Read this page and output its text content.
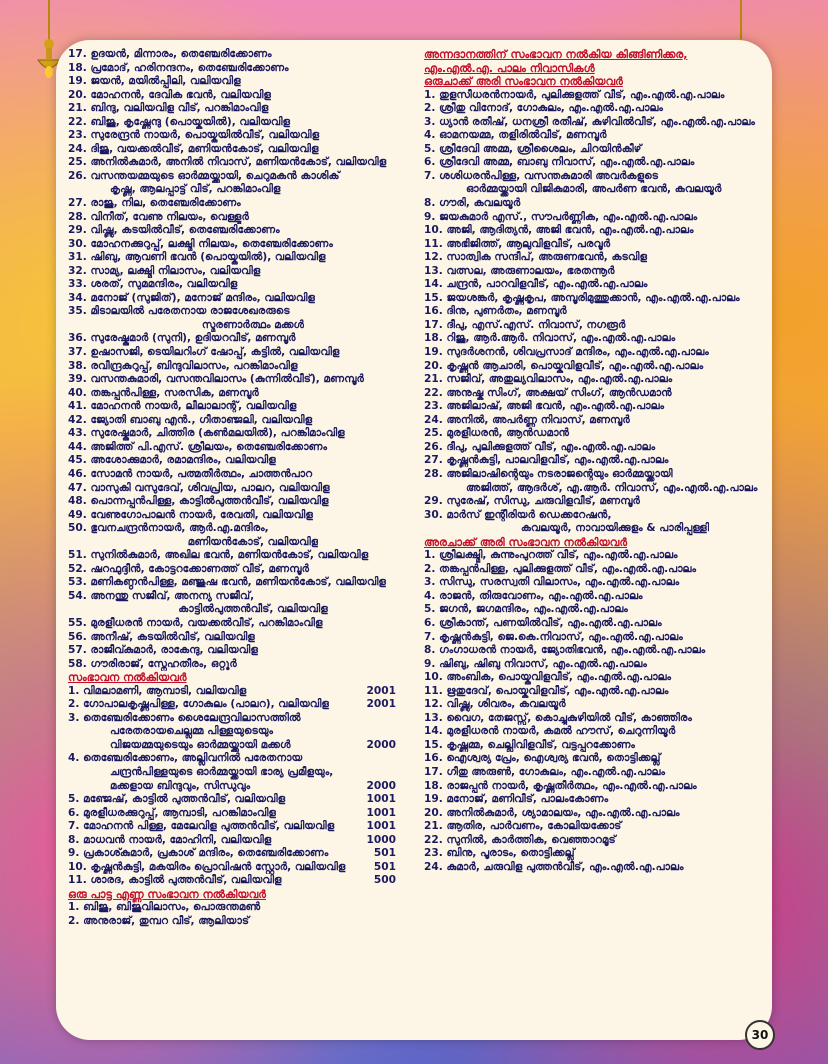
17. ഉദയൻ, മിന്നാരം, തെഞ്ചേരിക്കോണം
18. പ്രമോദ്, ഹരിനന്ദനം, തെഞ്ചേരിക്കോണം
19. ജയൻ, മയിൽപ്പീലി, വലിയവിള
20. മോഹനൻ, ദേവിക ഭവൻ, വലിയവിള
21. ബിന്ദു, വലിയവിള വീട്, പറങ്കിമാംവിള
22. ബിജു, കൃഷ്ണേന്ദു (പൊയ്കയിൽ), വലിയവിള
23. സുരേന്ദ്രൻ നായർ, പൊയ്കയിൽവീട്, വലിയവിള
24. ദിജു, വയക്കൽവീട്, മണിയൻകോട്, വലിയവിള
25. അനിൽകുമാർ, അനിൽ നിവാസ്, മണിയൻകോട്, വലിയവിള
26. വസന്തയമ്മയുടെ ഓർമ്മയ്ക്കായി, ചെറുമകൻ കാശിക്
കൃഷ്ണ, ആലപ്പാട്ട് വീട്, പറങ്കിമാംവിള
27. രാജു, നില, തെഞ്ചേരിക്കോണം
28. വിനീത്, വേണു നിലയം, വെള്ളൂർ
29. വിഷ്ണു, കടയിൽവീട്, തെഞ്ചേരിക്കോണം
30. മോഹനക്കുറുപ്പ്, ലക്ഷ്മി നിലയം, തെഞ്ചേരിക്കോണം
31. ഷിബു, ആവണി ഭവൻ (പൊയ്കയിൽ), വലിയവിള
32. സാമ്യ, ലക്ഷ്മി നിലാസം, വലിയവിള
33. ശരത്, സുമമന്ദിരം, വലിയവിള
34. മനോജ് (സുജിത്), മനോജ് മന്ദിരം, വലിയവിള
35. മിടാലയിൽ പരേതനായ രാജശേഖരരുടെ
സ്മരണാർത്ഥം മക്കൾ
36. സുരേഷ്കുമാർ (സുനി), ഉദിയറവീട്, മണമ്പൂർ
37. ഉഷാസജി, ടെയിലറിംഗ് ഷോപ്പ്, കട്ടിൽ, വലിയവിള
38. രവീന്ദ്രകുറുപ്പ്, ബിന്ദുവിലാസം, പറങ്കിമാംവിള
39. വസന്തകുമാരി, വസന്തവിലാസം (കുന്നിൽവീട്), മണമ്പൂർ
40. തങ്കപ്പൻപിള്ള, സരസിക, മണമ്പൂർ
41. മോഹനൻ നായർ, ലീലാലാന്റ്, വലിയവിള
42. ജ്യോതി ബാബു എൻ., ഗീതാഞ്ജലി, വലിയവിള
43. സുരേഷ്കുമാർ, ചിത്തിര (കൺമലയിൽ), പറങ്കിമാംവിള
44. അജിത്ത് പി.എസ്. ശ്രീലയം, തെഞ്ചേരിക്കോണം
45. അശോക്കുമാർ, രമാമന്ദിരം, വലിയവിള
46. സോമൻ നായർ, പത്മതീർത്ഥം, ചാത്തൻപാറ
47. വാസുകി വസുദേവ്, ശിവപ്രിയ, പാലറ, വലിയവിള
48. പൊന്നപ്പൻപിള്ള, കാട്ടിൽപുത്തൻവീട്, വലിയവിള
49. വേണുഗോപാലൻ നായർ, രേവതി, വലിയവിള
50. ഭുവനചന്ദ്രൻനായർ, ആർ.എ.മന്ദിരം,
മണിയൻകോട്, വലിയവിള
51. സുനിൽകുമാർ, അഖില ഭവൻ, മണിയൻകോട്, വലിയവിള
52. ഷറഫുദ്ദീൻ, കോട്ടറക്കോണത്ത് വീട്, മണമ്പൂർ
53. മണികണ്ഠൻപിള്ള, മഞ്ജുഷ ഭവൻ, മണിയൻകോട്, വലിയവിള
54. അനന്തു സജീവ്, അനന്യ സജീവ്,
കാട്ടിൽപുത്തൻവീട്, വലിയവിള
55. മുരളീധരൻ നായർ, വയക്കൽവീട്, പറങ്കിമാംവിള
56. അനീഷ്, കടയിൽവീട്, വലിയവിള
57. രാജീവ്കുമാർ, രാകേന്ദു, വലിയവിള
58. ഗൗരിരാജ്, സ്നേഹതീരം, ഒറ്റൂർ
സംഭാവന നൽകിയവർ
1. വിമലാമണി, ആമ്പാടി, വലിയവിള	2001
2. ഗോപാലകൃഷ്ണപിള്ള, ഗോകുലം (പാലറ), വലിയവിള	2001
3. തെഞ്ചേരിക്കോണം ശൈലേന്ദ്രവിലാസത്തിൽ
പരേതരായചെല്ലമ്മ പിള്ളയുടെയും
വിജയമ്മയുടെയും ഓർമ്മയ്ക്കായി മക്കൾ	2000
4. തെഞ്ചേരിക്കോണം, അല്ലിവനിൽ പരേതനായ
ചന്ദ്രൻപിള്ളയുടെ ഓർമ്മയ്ക്കായി ഭാര്യ പ്രമീളയും,
മക്കളായ ബിന്ദുവും, സിന്ധുവും	2000
5. മഞ്ജേഷ്, കാട്ടിൽ പുത്തൻവീട്, വലിയവിള	1001
6. മുരളീധരക്കുറുപ്പ്, ആമ്പാടി, പറങ്കിമാംവിള	1001
7. മോഹനൻ പിള്ള, മേലേവിള പുത്തൻവീട്, വലിയവിള	1001
8. മാധവൻ നായർ, മോഹിനി, വലിയവിള	1000
9. പ്രകാശ്കുമാർ, പ്രകാശ് മന്ദിരം, തെഞ്ചേരിക്കോണം	501
10. കൃഷ്ണൻകുട്ടി, മകയിരം പ്രൊവിഷൻ സ്റ്റോർ, വലിയവിള	501
11. ശാരദ, കാട്ടിൽ പുത്തൻവീട്, വലിയവിള	500
ഒരു പാട്ട എണ്ണ സംഭാവന നൽകിയവർ
1. ബിജു, ബിജുവിലാസം, പൊരുന്തമൺ
2. അനുരാജ്, തുമ്പറ വീട്, ആലിയാട്
അന്നദാനത്തിന് സംഭാവന നൽകിയ കിങ്ങിണിക്കര,
എം.എൽ.എ. പാലം നിവാസികൾ
ഒരുചാക്ക് അരി സംഭാവന നൽകിയവർ
1. തുളസീധരൻനായർ, പുലിക്കുളത്ത് വീട്, എം.എൽ.എ.പാലം
2. ശ്രീതു വിനോദ്, ഗോകുലം, എം.എൽ.എ.പാലം
3. ധ്യാൻ രതീഷ്, ധനശ്രീ രതീഷ്, കുഴിവിൽവീട്, എം.എൽ.എ.പാലം
4. ഓമനയമ്മ, തളിരിൽവീട്, മണമ്പൂർ
5. ശ്രീദേവി അമ്മ, ശ്രീശൈലം, ചിറയിൻകീഴ്
6. ശ്രീദേവി അമ്മ, ബാബു നിവാസ്, എം.എൽ.എ.പാലം
7. ശശിധരൻപിള്ള, വസന്തകുമാരി അവർകളുടെ
ഓർമ്മയ്ക്കായി വിജികുമാരി, അപർണ ഭവൻ, കവലയൂർ
8. ഗൗരി, കവലയൂർ
9. ജയകുമാർ എസ്., സൗപർണ്ണിക, എം.എൽ.എ.പാലം
10. അജി, ആദിത്യൻ, അജി ഭവൻ, എം.എൽ.എ.പാലം
11. അഭിജിത്ത്, ആലുവിളവീട്, പരവൂർ
12. സാത്വിക സന്ദീപ്, അരുണഭവൻ, കടവിള
13. വത്സല, അരുണാലയം, ഭരതന്നൂർ
14. ചന്ദ്രൻ, പാറവിളവീട്, എം.എൽ.എ.പാലം
15. ജയശങ്കർ, കൃഷ്ണകൃപ, അമ്പൂരിമുത്തുക്കാൻ, എം.എൽ.എ.പാലം
16. ദിനു, പുണർതം, മണമ്പൂർ
17. ദീപു, എസ്.എസ്. നിവാസ്, നഗരൂർ
18. റിജു, ആർ.ആർ. നിവാസ്, എം.എൽ.എ.പാലം
19. സുദർശനൻ, ശിവപ്രസാദ് മന്ദിരം, എം.എൽ.എ.പാലം
20. കൃഷ്ണൻ ആചാരി, പൊയ്കവിളവീട്, എം.എൽ.എ.പാലം
21. സജീവ്, അതുല്യവിലാസം, എം.എൽ.എ.പാലം
22. അനുഷ്ക സിംഗ്, അക്ഷയ് സിംഗ്, ആൻഡമാൻ
23. അജിലാഷ്, അജി ഭവൻ, എം.എൽ.എ.പാലം
24. അനിൽ, അപർണ്ണ നിവാസ്, മണമ്പൂർ
25. മുരളീധരൻ, ആൻഡമാൻ
26. ദീപു, പുലിക്കുളത്ത് വീട്, എം.എൽ.എ.പാലം
27. കൃഷ്ണൻകുട്ടി, പാലവിളവീട്, എം.എൽ.എ.പാലം
28. അജിലാഷിന്റെയും നടരാജന്റെയും ഓർമ്മയ്ക്കായി
അജിത്ത്, ആദർശ്, എ.ആർ. നിവാസ്, എം.എൽ.എ.പാലം
29. സുരേഷ്, സിന്ധു, ചരുവിളവീട്, മണമ്പൂർ
30. മാർസ് ഇന്റീരിയർ ഡെക്കറേഷൻ,
കവലയൂർ, നാവായിക്കുളം & പാരിപ്പള്ളി
അരചാക്ക് അരി സംഭാവന നൽകിയവർ
1. ശ്രീലക്ഷ്മി, കുന്നുംപുറത്ത് വീട്, എം.എൽ.എ.പാലം
2. തങ്കപ്പൻപിള്ള, പുലിക്കുളത്ത് വീട്, എം.എൽ.എ.പാലം
3. സിന്ധു, സരസ്വതി വിലാസം, എം.എൽ.എ.പാലം
4. രാജൻ, തിരുവോണം, എം.എൽ.എ.പാലം
5. ജഗൻ, ജഗമന്ദിരം, എം.എൽ.എ.പാലം
6. ശ്രീകാന്ത്, പണയിൽവീട്, എം.എൽ.എ.പാലം
7. കൃഷ്ണൻകുട്ടി, ജെ.കെ.നിവാസ്, എം.എൽ.എ.പാലം
8. ഗംഗാധരൻ നായർ, ജ്യോതിഭവൻ, എം.എൽ.എ.പാലം
9. ഷിബു, ഷിബു നിവാസ്, എം.എൽ.എ.പാലം
10. അംബിക, പൊയ്കവിളവീട്, എം.എൽ.എ.പാലം
11. ഋതുദേവ്, പൊയ്കവിളവീട്, എം.എൽ.എ.പാലം
12. വിഷ്ണു, ശിവരം, കവലയൂർ
13. വൈഗ, തേജസ്സ്, കൊച്ചുകുഴിയിൽ വീട്, കാഞ്ഞിരം
14. മുരളീധരൻ നായർ, കമൽ ഹൗസ്, ചെറുന്നിയൂർ
15. കൃഷ്ണമ്മ, ചെല്ലിവിളവീട്, വട്ടപ്പറക്കോണം
16. ഐശ്വര്യ പ്രേം, ഐശ്വര്യ ഭവൻ, തൊട്ടിക്കല്ല്
17. ഗീതു അരുൺ, ഗോകുലം, എം.എൽ.എ.പാലം
18. രാജപ്പൻ നായർ, കൃഷ്ണതീർത്ഥം, എം.എൽ.എ.പാലം
19. മനോജ്, മണിവീട്, പാലംകോണം
20. അനിൽകുമാർ, ശ്യാമാലയം, എം.എൽ.എ.പാലം
21. ആതിര, പാർവണം, കോലിയക്കോട്
22. സുനിൽ, കാർത്തിക, വെഞ്ഞാറമൂട്
23. ബിനു, പൂരാടം, തൊട്ടിക്കല്ല്
24. കുമാർ, ചരുവിള പുത്തൻവീട്, എം.എൽ.എ.പാലം
30
